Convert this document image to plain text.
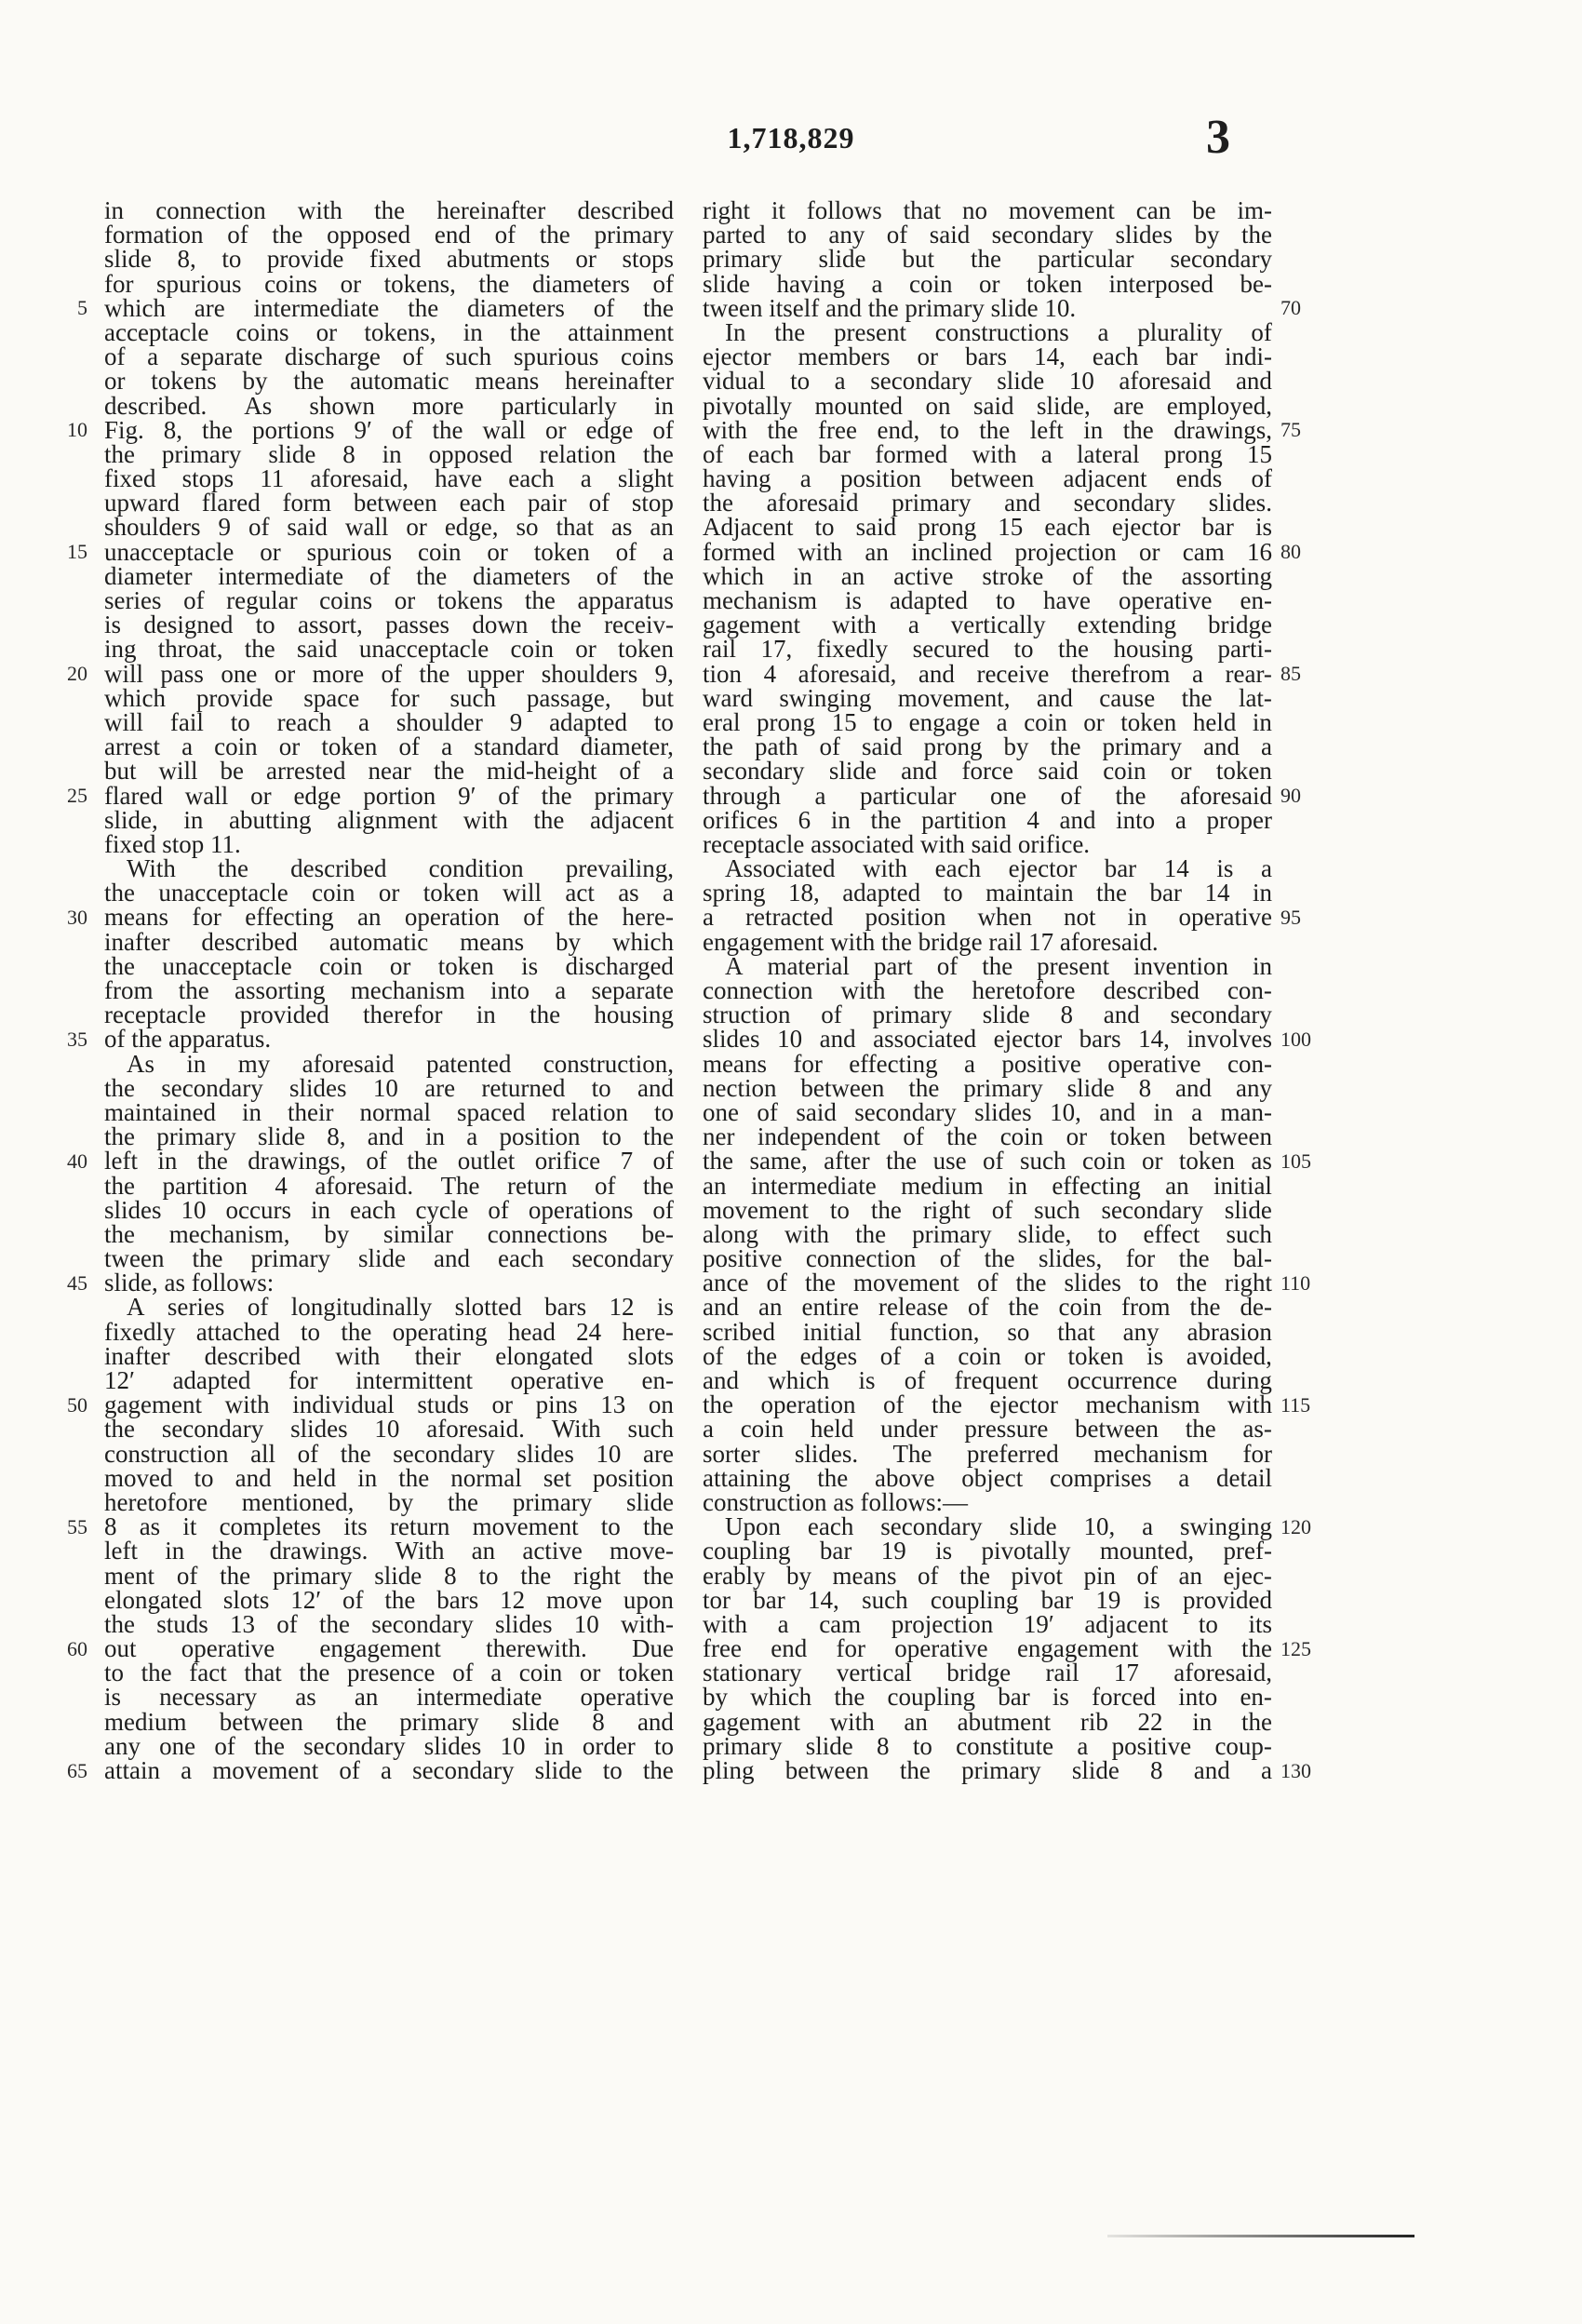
1,718,829	3
in connection with the hereinafter described
formation of the opposed end of the primary
slide 8, to provide fixed abutments or stops
for spurious coins or tokens, the diameters of
which are intermediate the diameters of the
acceptacle coins or tokens, in the attainment
of a separate discharge of such spurious coins
or tokens by the automatic means hereinafter
described. As shown more particularly in
Fig. 8, the portions 9′ of the wall or edge of
the primary slide 8 in opposed relation the
fixed stops 11 aforesaid, have each a slight
upward flared form between each pair of stop
shoulders 9 of said wall or edge, so that as an
unacceptacle or spurious coin or token of a
diameter intermediate of the diameters of the
series of regular coins or tokens the apparatus
is designed to assort, passes down the receiv-
ing throat, the said unacceptacle coin or token
will pass one or more of the upper shoulders 9,
which provide space for such passage, but
will fail to reach a shoulder 9 adapted to
arrest a coin or token of a standard diameter,
but will be arrested near the mid-height of a
flared wall or edge portion 9′ of the primary
slide, in abutting alignment with the adjacent
fixed stop 11.
With the described condition prevailing,
the unacceptacle coin or token will act as a
means for effecting an operation of the here-
inafter described automatic means by which
the unacceptacle coin or token is discharged
from the assorting mechanism into a separate
receptacle provided therefor in the housing
of the apparatus.
As in my aforesaid patented construction,
the secondary slides 10 are returned to and
maintained in their normal spaced relation to
the primary slide 8, and in a position to the
left in the drawings, of the outlet orifice 7 of
the partition 4 aforesaid. The return of the
slides 10 occurs in each cycle of operations of
the mechanism, by similar connections be-
tween the primary slide and each secondary
slide, as follows:
A series of longitudinally slotted bars 12 is
fixedly attached to the operating head 24 here-
inafter described with their elongated slots
12′ adapted for intermittent operative en-
gagement with individual studs or pins 13 on
the secondary slides 10 aforesaid. With such
construction all of the secondary slides 10 are
moved to and held in the normal set position
heretofore mentioned, by the primary slide
8 as it completes its return movement to the
left in the drawings. With an active move-
ment of the primary slide 8 to the right the
elongated slots 12′ of the bars 12 move upon
the studs 13 of the secondary slides 10 with-
out operative engagement therewith. Due
to the fact that the presence of a coin or token
is necessary as an intermediate operative
medium between the primary slide 8 and
any one of the secondary slides 10 in order to
attain a movement of a secondary slide to the
right it follows that no movement can be im-
parted to any of said secondary slides by the
primary slide but the particular secondary
slide having a coin or token interposed be-
tween itself and the primary slide 10.
In the present constructions a plurality of
ejector members or bars 14, each bar indi-
vidual to a secondary slide 10 aforesaid and
pivotally mounted on said slide, are employed,
with the free end, to the left in the drawings,
of each bar formed with a lateral prong 15
having a position between adjacent ends of
the aforesaid primary and secondary slides.
Adjacent to said prong 15 each ejector bar is
formed with an inclined projection or cam 16
which in an active stroke of the assorting
mechanism is adapted to have operative en-
gagement with a vertically extending bridge
rail 17, fixedly secured to the housing parti-
tion 4 aforesaid, and receive therefrom a rear-
ward swinging movement, and cause the lat-
eral prong 15 to engage a coin or token held in
the path of said prong by the primary and a
secondary slide and force said coin or token
through a particular one of the aforesaid
orifices 6 in the partition 4 and into a proper
receptacle associated with said orifice.
Associated with each ejector bar 14 is a
spring 18, adapted to maintain the bar 14 in
a retracted position when not in operative
engagement with the bridge rail 17 aforesaid.
A material part of the present invention in
connection with the heretofore described con-
struction of primary slide 8 and secondary
slides 10 and associated ejector bars 14, involves
means for effecting a positive operative con-
nection between the primary slide 8 and any
one of said secondary slides 10, and in a man-
ner independent of the coin or token between
the same, after the use of such coin or token as
an intermediate medium in effecting an initial
movement to the right of such secondary slide
along with the primary slide, to effect such
positive connection of the slides, for the bal-
ance of the movement of the slides to the right
and an entire release of the coin from the de-
scribed initial function, so that any abrasion
of the edges of a coin or token is avoided,
and which is of frequent occurrence during
the operation of the ejector mechanism with
a coin held under pressure between the as-
sorter slides. The preferred mechanism for
attaining the above object comprises a detail
construction as follows:—
Upon each secondary slide 10, a swinging
coupling bar 19 is pivotally mounted, pref-
erably by means of the pivot pin of an ejec-
tor bar 14, such coupling bar 19 is provided
with a cam projection 19′ adjacent to its
free end for operative engagement with the
stationary vertical bridge rail 17 aforesaid,
by which the coupling bar is forced into en-
gagement with an abutment rib 22 in the
primary slide 8 to constitute a positive coup-
pling between the primary slide 8 and a
5
10
15
20
25
30
35
40
45
50
55
60
65
70
75
80
85
90
95
100
105
110
115
120
125
130
